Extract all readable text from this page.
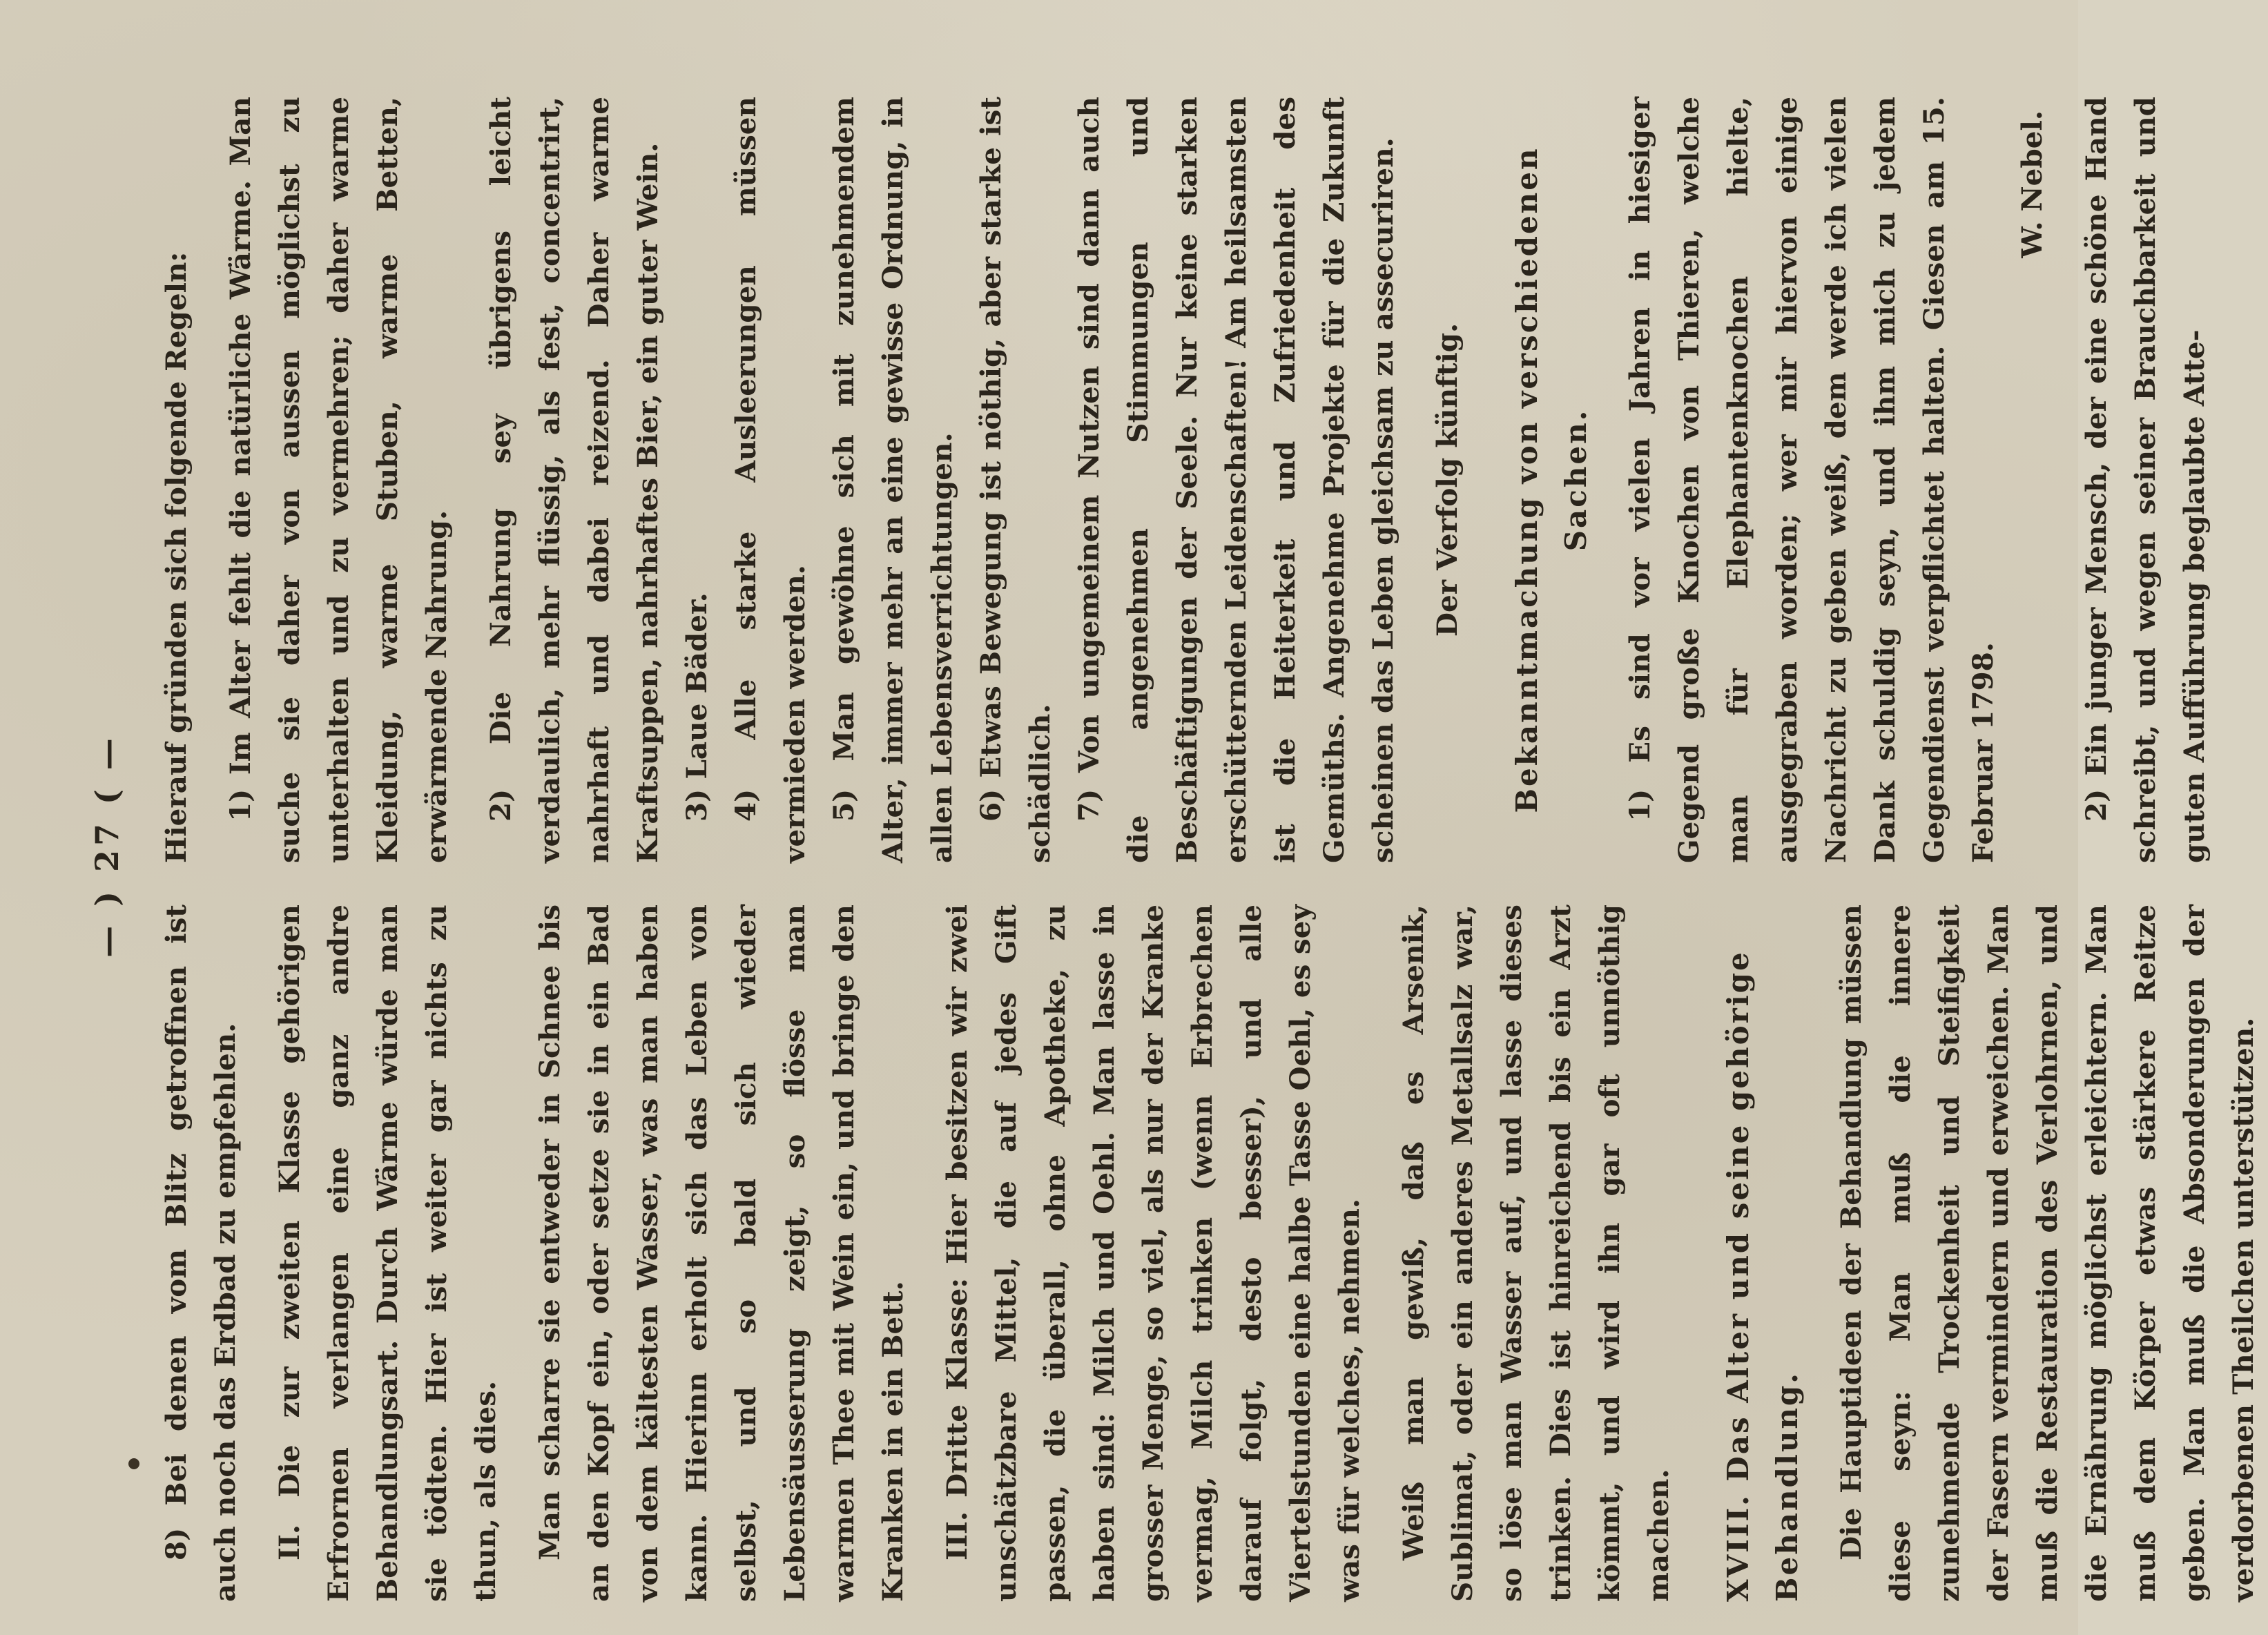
— ) 27 ( —

8) Bei denen vom Blitz getroffnen ist auch noch das Erdbad zu empfehlen. II. Die zur zweiten Klasse gehörigen Erfrornen verlangen eine ganz andre Behandlungsart. Durch Wärme würde man sie tödten. Hier ist weiter gar nichts zu thun, als dies. Man scharre sie entweder in Schnee bis an den Kopf ein, oder setze sie in ein Bad von dem kältesten Wasser, was man haben kann. Hierinn erholt sich das Leben von selbst, und so bald sich wieder Lebensäusserung zeigt, so flösse man warmen Thee mit Wein ein, und bringe den Kranken in ein Bett. III. Dritte Klasse: Hier besitzen wir zwei unschätzbare Mittel, die auf jedes Gift passen, die überall, ohne Apotheke, zu haben sind: Milch und Oehl. Man lasse in grosser Menge, so viel, als nur der Kranke vermag, Milch trinken (wenn Erbrechen darauf folgt, desto besser), und alle Viertelstunden eine halbe Tasse Oehl, es sey was für welches, nehmen. Weiß man gewiß, daß es Arsenik, Sublimat, oder ein anderes Metallsalz war, so löse man Wasser auf, und lasse dieses trinken. Dies ist hinreichend bis ein Arzt kömmt, und wird ihn gar oft unnöthig machen. XVIII. Das Alter und seine gehörige Behandlung. Die Hauptideen der Behandlung müssen diese seyn: Man muß die innere zunehmende Trockenheit und Steifigkeit der Fasern vermindern und erweichen. Man muß die Restauration des Verlohrnen, und die Ernährung möglichst erleichtern. Man muß dem Körper etwas stärkere Reitze geben. Man muß die Absonderungen der verdorbenen Theilchen unterstützen.

Hierauf gründen sich folgende Regeln: 1) Im Alter fehlt die natürliche Wärme. Man suche sie daher von aussen möglichst zu unterhalten und zu vermehren; daher warme Kleidung, warme Stuben, warme Betten, erwärmende Nahrung. 2) Die Nahrung sey übrigens leicht verdaulich, mehr flüssig, als fest, concentrirt, nahrhaft und dabei reizend. Daher warme Kraftsuppen, nahrhaftes Bier, ein guter Wein. 3) Laue Bäder. 4) Alle starke Ausleerungen müssen vermieden werden. 5) Man gewöhne sich mit zunehmendem Alter, immer mehr an eine gewisse Ordnung, in allen Lebensverrichtungen. 6) Etwas Bewegung ist nöthig, aber starke ist schädlich. 7) Von ungemeinem Nutzen sind dann auch die angenehmen Stimmungen und Beschäftigungen der Seele. Nur keine starken erschütternden Leidenschaften! Am heilsamsten ist die Heiterkeit und Zufriedenheit des Gemüths. Angenehme Projekte für die Zukunft scheinen das Leben gleichsam zu assecuriren. Der Verfolg künftig. Bekanntmachung von verschiedenen Sachen. 1) Es sind vor vielen Jahren in hiesiger Gegend große Knochen von Thieren, welche man für Elephantenknochen hielte, ausgegraben worden; wer mir hiervon einige Nachricht zu geben weiß, dem werde ich vielen Dank schuldig seyn, und ihm mich zu jedem Gegendienst verpflichtet halten. Giesen am 15. Februar 1798.

W. Nebel. 2) Ein junger Mensch, der eine schöne Hand schreibt, und wegen seiner Brauchbarkeit und guten Aufführung beglaubte Atte-
